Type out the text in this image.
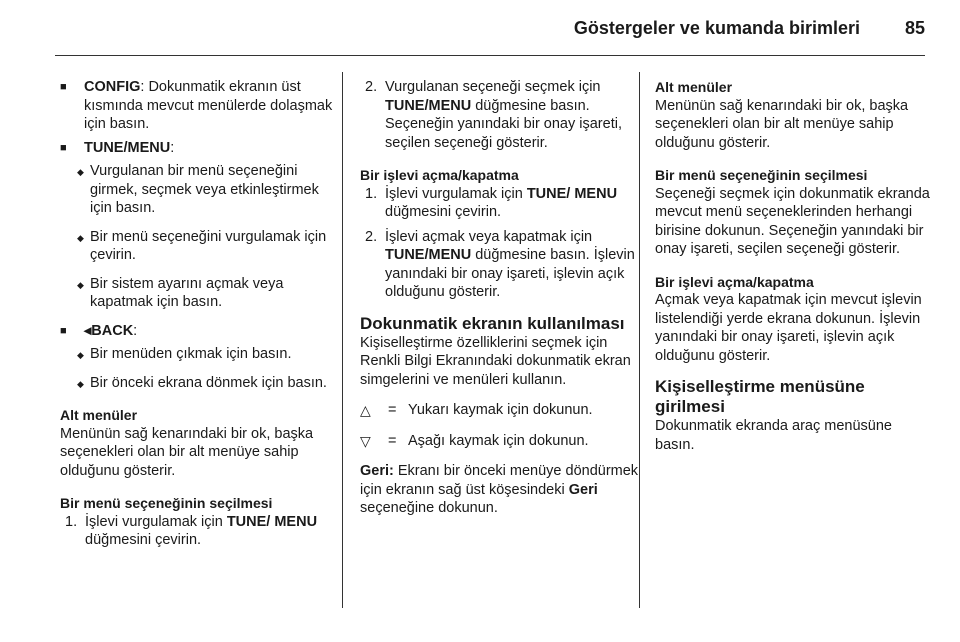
Göstergeler ve kumanda birimleri	85
■ CONFIG: Dokunmatik ekranın üst kısmında mevcut menülerde dolaşmak için basın.
■ TUNE/MENU:
◆ Vurgulanan bir menü seçeneğini girmek, seçmek veya etkinleştirmek için basın.
◆ Bir menü seçeneğini vurgulamak için çevirin.
◆ Bir sistem ayarını açmak veya kapatmak için basın.
■ ◂BACK:
◆ Bir menüden çıkmak için basın.
◆ Bir önceki ekrana dönmek için basın.

Alt menüler

Menünün sağ kenarındaki bir ok, başka seçenekleri olan bir alt menüye sahip olduğunu gösterir.

Bir menü seçeneğinin seçilmesi

1. İşlevi vurgulamak için TUNE/ MENU düğmesini çevirin.
2. Vurgulanan seçeneği seçmek için TUNE/MENU düğmesine basın. Seçeneğin yanındaki bir onay işareti, seçilen seçeneği gösterir.

Bir işlevi açma/kapatma

1. İşlevi vurgulamak için TUNE/ MENU düğmesini çevirin.
2. İşlevi açmak veya kapatmak için TUNE/MENU düğmesine basın. İşlevin yanındaki bir onay işareti, işlevin açık olduğunu gösterir.

Dokunmatik ekranın kullanılması

Kişiselleştirme özelliklerini seçmek için Renkli Bilgi Ekranındaki dokunmatik ekran simgelerini ve menüleri kullanın.

△	= Yukarı kaymak için dokunun.
▽	= Aşağı kaymak için dokunun.

Geri: Ekranı bir önceki menüye döndürmek için ekranın sağ üst köşesindeki Geri seçeneğine dokunun.

Alt menüler

Menünün sağ kenarındaki bir ok, başka seçenekleri olan bir alt menüye sahip olduğunu gösterir.

Bir menü seçeneğinin seçilmesi

Seçeneği seçmek için dokunmatik ekranda mevcut menü seçeneklerinden herhangi birisine dokunun. Seçeneğin yanındaki bir onay işareti, seçilen seçeneği gösterir.

Bir işlevi açma/kapatma

Açmak veya kapatmak için mevcut işlevin listelendiği yerde ekrana dokunun. İşlevin yanındaki bir onay işareti, işlevin açık olduğunu gösterir.

Kişiselleştirme menüsüne girilmesi

Dokunmatik ekranda araç menüsüne basın.
